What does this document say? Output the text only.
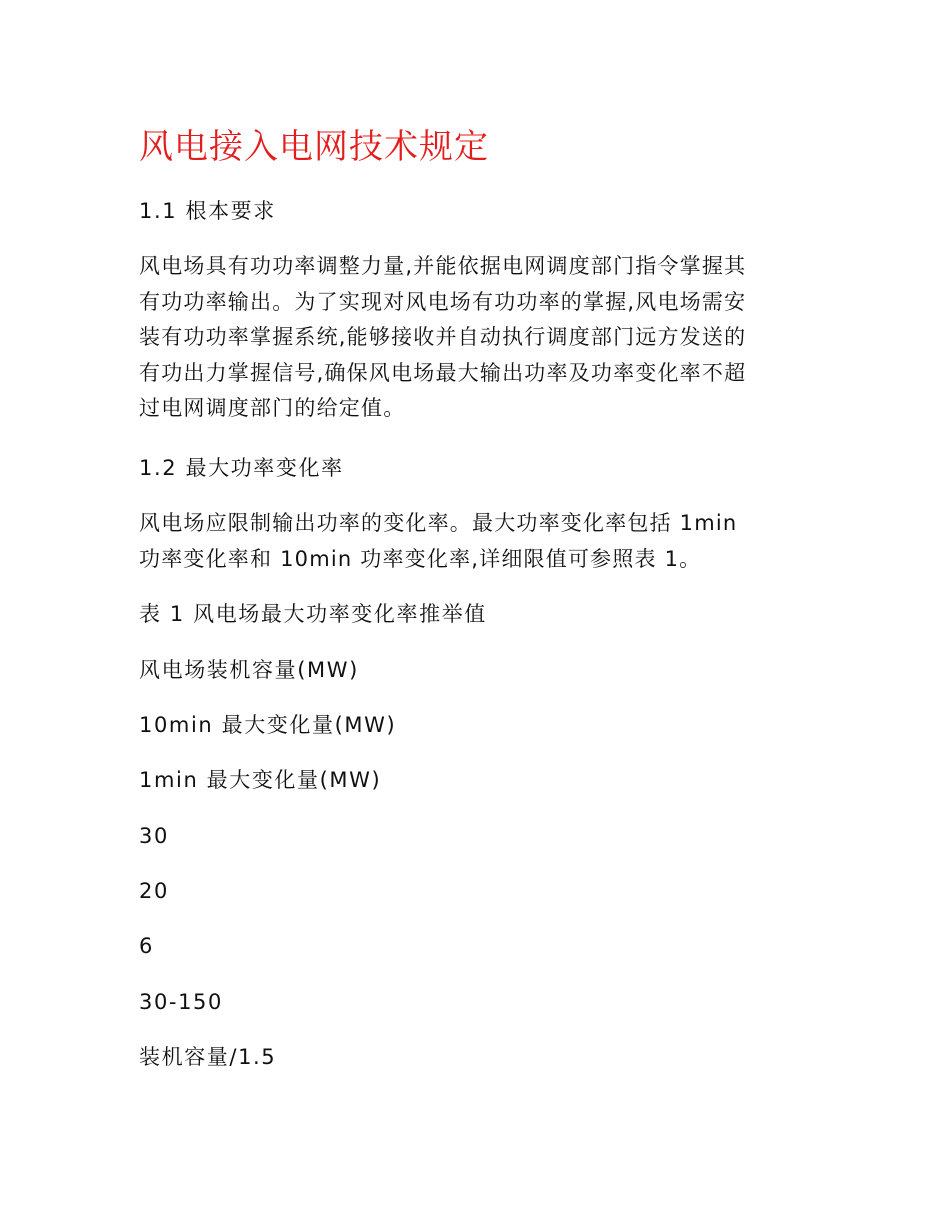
风电接入电网技术规定

1.1 根本要求

风电场具有功功率调整力量,并能依据电网调度部门指令掌握其
有功功率输出。为了实现对风电场有功功率的掌握,风电场需安
装有功功率掌握系统,能够接收并自动执行调度部门远方发送的
有功出力掌握信号,确保风电场最大输出功率及功率变化率不超
过电网调度部门的给定值。

1.2 最大功率变化率

风电场应限制输出功率的变化率。最大功率变化率包括 1min
功率变化率和 10min 功率变化率,详细限值可参照表 1。

表 1 风电场最大功率变化率推举值

风电场装机容量(MW)

10min 最大变化量(MW)

1min 最大变化量(MW)

30

20

6

30-150

装机容量/1.5
